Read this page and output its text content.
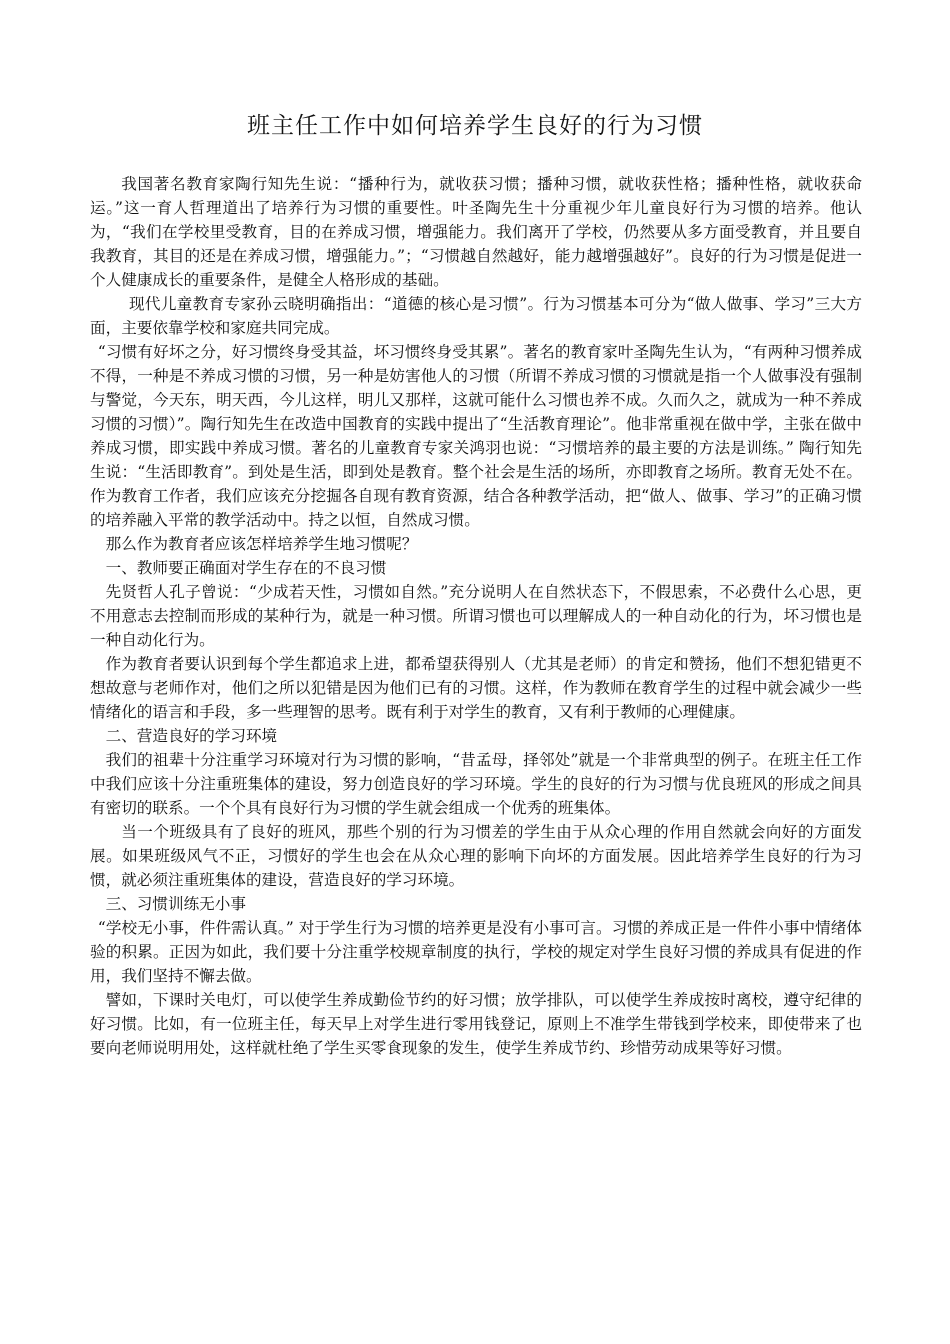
班主任工作中如何培养学生良好的行为习惯

我国著名教育家陶行知先生说：“播种行为，就收获习惯；播种习惯，就收获性格；播种性格，就收获命运。”这一育人哲理道出了培养行为习惯的重要性。叶圣陶先生十分重视少年儿童良好行为习惯的培养。他认为，“我们在学校里受教育，目的在养成习惯，增强能力。我们离开了学校，仍然要从多方面受教育，并且要自我教育，其目的还是在养成习惯，增强能力。”；“习惯越自然越好，能力越增强越好”。良好的行为习惯是促进一个人健康成长的重要条件，是健全人格形成的基础。

现代儿童教育专家孙云晓明确指出：“道德的核心是习惯”。行为习惯基本可分为“做人做事、学习”三大方面，主要依靠学校和家庭共同完成。

“习惯有好坏之分，好习惯终身受其益，坏习惯终身受其累”。著名的教育家叶圣陶先生认为，“有两种习惯养成不得，一种是不养成习惯的习惯，另一种是妨害他人的习惯（所谓不养成习惯的习惯就是指一个人做事没有强制与警觉，今天东，明天西，今儿这样，明儿又那样，这就可能什么习惯也养不成。久而久之，就成为一种不养成习惯的习惯）”。陶行知先生在改造中国教育的实践中提出了“生活教育理论”。他非常重视在做中学，主张在做中养成习惯，即实践中养成习惯。著名的儿童教育专家关鸿羽也说：“习惯培养的最主要的方法是训练。” 陶行知先生说：“生活即教育”。到处是生活，即到处是教育。整个社会是生活的场所，亦即教育之场所。教育无处不在。作为教育工作者，我们应该充分挖掘各自现有教育资源，结合各种教学活动，把“做人、做事、学习”的正确习惯的培养融入平常的教学活动中。持之以恒，自然成习惯。

那么作为教育者应该怎样培养学生地习惯呢？

一、教师要正确面对学生存在的不良习惯

先贤哲人孔子曾说：“少成若天性，习惯如自然。”充分说明人在自然状态下，不假思索，不必费什么心思，更不用意志去控制而形成的某种行为，就是一种习惯。所谓习惯也可以理解成人的一种自动化的行为，坏习惯也是一种自动化行为。

作为教育者要认识到每个学生都追求上进，都希望获得别人（尤其是老师）的肯定和赞扬，他们不想犯错更不想故意与老师作对，他们之所以犯错是因为他们已有的习惯。这样，作为教师在教育学生的过程中就会减少一些情绪化的语言和手段，多一些理智的思考。既有利于对学生的教育，又有利于教师的心理健康。

二、营造良好的学习环境

我们的祖辈十分注重学习环境对行为习惯的影响，“昔孟母，择邻处”就是一个非常典型的例子。在班主任工作中我们应该十分注重班集体的建设，努力创造良好的学习环境。学生的良好的行为习惯与优良班风的形成之间具有密切的联系。一个个具有良好行为习惯的学生就会组成一个优秀的班集体。

当一个班级具有了良好的班风，那些个别的行为习惯差的学生由于从众心理的作用自然就会向好的方面发展。如果班级风气不正，习惯好的学生也会在从众心理的影响下向坏的方面发展。因此培养学生良好的行为习惯，就必须注重班集体的建设，营造良好的学习环境。

三、习惯训练无小事

“学校无小事，件件需认真。” 对于学生行为习惯的培养更是没有小事可言。习惯的养成正是一件件小事中情绪体验的积累。正因为如此，我们要十分注重学校规章制度的执行，学校的规定对学生良好习惯的养成具有促进的作用，我们坚持不懈去做。

譬如，下课时关电灯，可以使学生养成勤俭节约的好习惯；放学排队，可以使学生养成按时离校，遵守纪律的好习惯。比如，有一位班主任，每天早上对学生进行零用钱登记，原则上不准学生带钱到学校来，即使带来了也要向老师说明用处，这样就杜绝了学生买零食现象的发生，使学生养成节约、珍惜劳动成果等好习惯。
